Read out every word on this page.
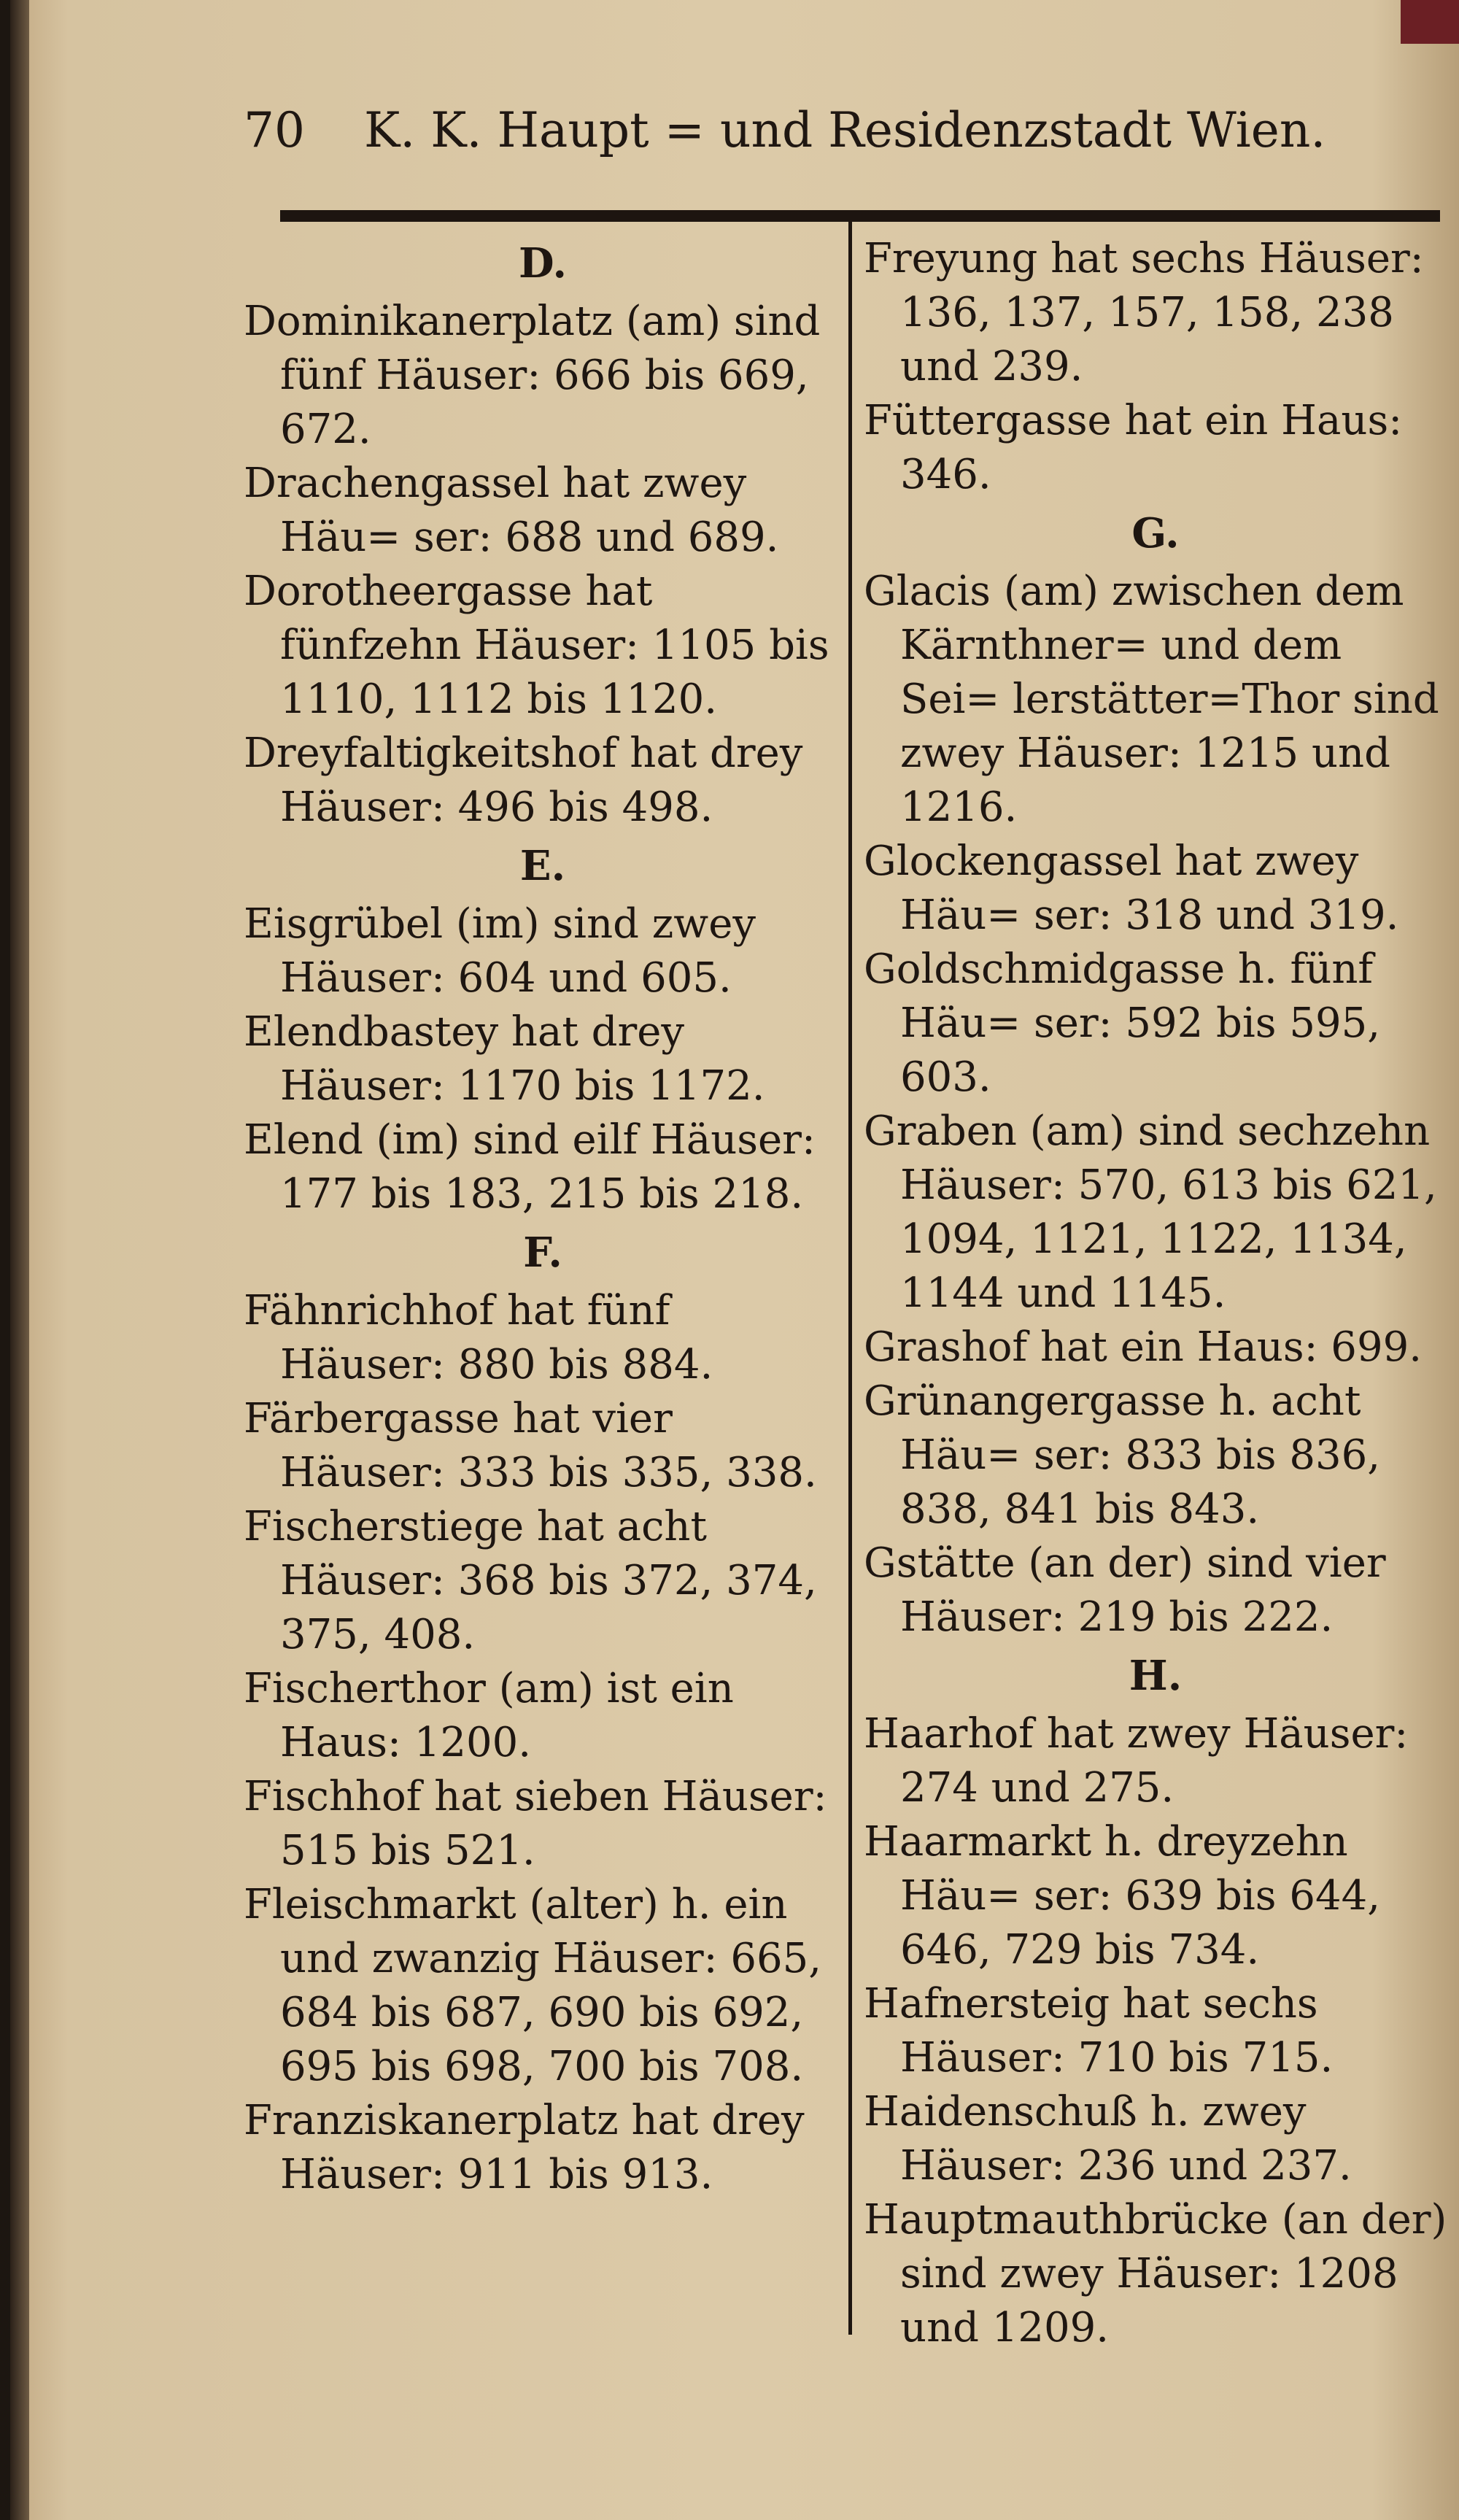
70 K. K. Haupt = und Residenzstadt Wien.
D.
Dominikanerplatz (am) sind fünf Häuser: 666 bis 669, 672.
Drachengassel hat zwey Häu= ser: 688 und 689.
Dorotheergasse hat fünfzehn Häuser: 1105 bis 1110, 1112 bis 1120.
Dreyfaltigkeitshof hat drey Häuser: 496 bis 498.
E.
Eisgrübel (im) sind zwey Häuser: 604 und 605.
Elendbastey hat drey Häuser: 1170 bis 1172.
Elend (im) sind eilf Häuser: 177 bis 183, 215 bis 218.
F.
Fähnrichhof hat fünf Häuser: 880 bis 884.
Färbergasse hat vier Häuser: 333 bis 335, 338.
Fischerstiege hat acht Häuser: 368 bis 372, 374, 375, 408.
Fischerthor (am) ist ein Haus: 1200.
Fischhof hat sieben Häuser: 515 bis 521.
Fleischmarkt (alter) h. ein und zwanzig Häuser: 665, 684 bis 687, 690 bis 692, 695 bis 698, 700 bis 708.
Franziskanerplatz hat drey Häuser: 911 bis 913.
Freyung hat sechs Häuser: 136, 137, 157, 158, 238 und 239.
Füttergasse hat ein Haus: 346.
G.
Glacis (am) zwischen dem Kärnthner= und dem Sei= lerstätter=Thor sind zwey Häuser: 1215 und 1216.
Glockengassel hat zwey Häu= ser: 318 und 319.
Goldschmidgasse h. fünf Häu= ser: 592 bis 595, 603.
Graben (am) sind sechzehn Häuser: 570, 613 bis 621, 1094, 1121, 1122, 1134, 1144 und 1145.
Grashof hat ein Haus: 699.
Grünangergasse h. acht Häu= ser: 833 bis 836, 838, 841 bis 843.
Gstätte (an der) sind vier Häuser: 219 bis 222.
H.
Haarhof hat zwey Häuser: 274 und 275.
Haarmarkt h. dreyzehn Häu= ser: 639 bis 644, 646, 729 bis 734.
Hafnersteig hat sechs Häuser: 710 bis 715.
Haidenschuß h. zwey Häuser: 236 und 237.
Hauptmauthbrücke (an der) sind zwey Häuser: 1208 und 1209.
